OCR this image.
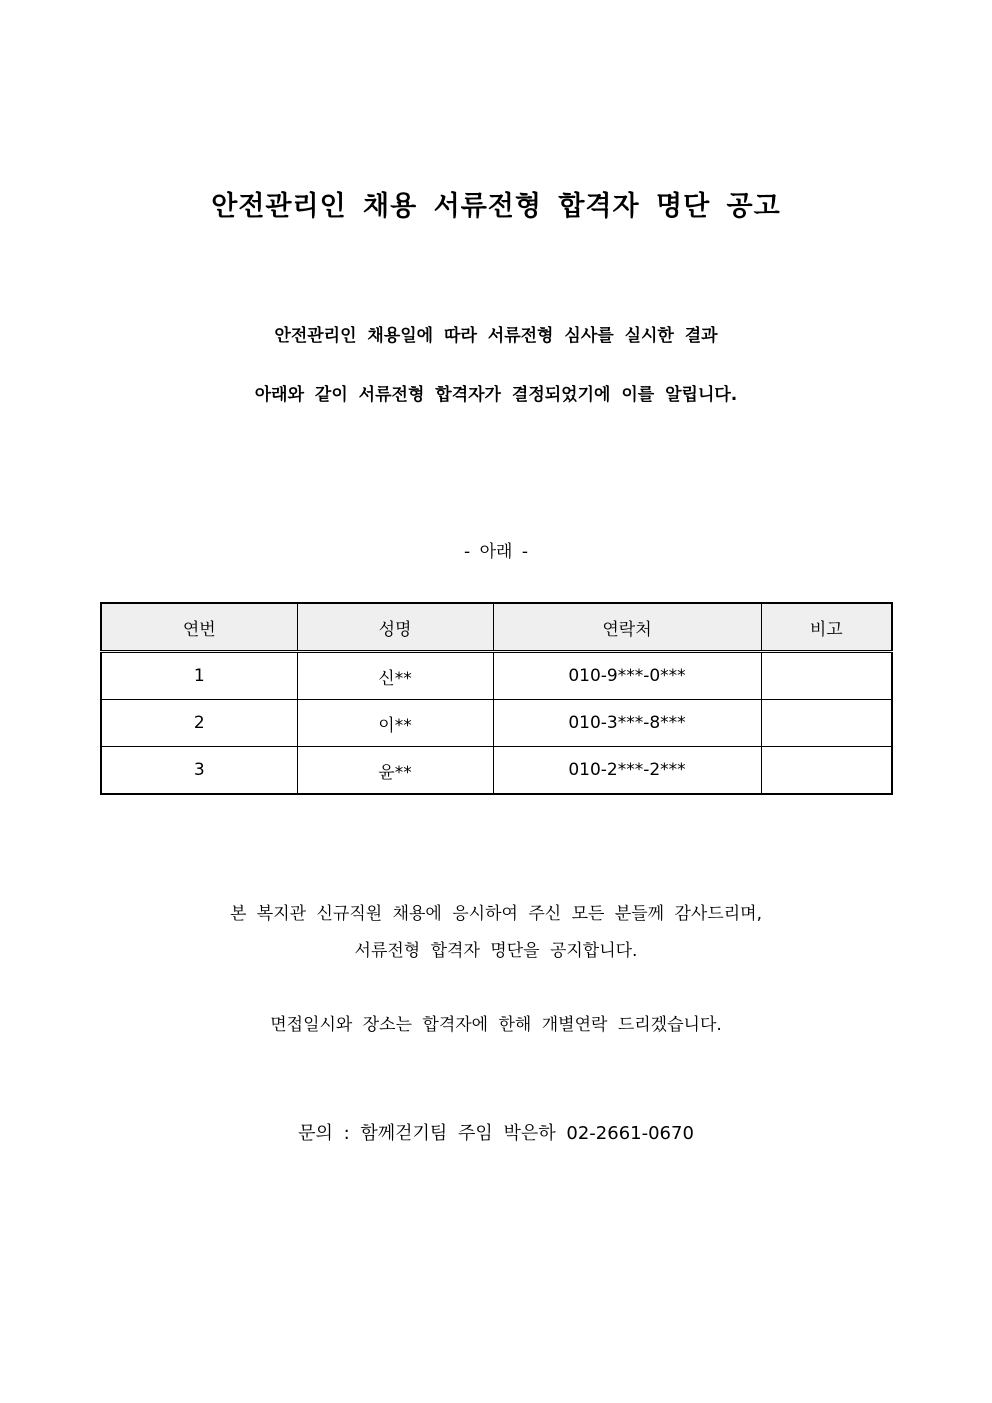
안전관리인 채용 서류전형 합격자 명단 공고
안전관리인 채용일에 따라 서류전형 심사를 실시한 결과
아래와 같이 서류전형 합격자가 결정되었기에 이를 알립니다.
- 아래 -
연번	성명	연락처	비고
1	신**	010-9***-0***	
2	이**	010-3***-8***	
3	윤**	010-2***-2***	
본 복지관 신규직원 채용에 응시하여 주신 모든 분들께 감사드리며,
서류전형 합격자 명단을 공지합니다.
면접일시와 장소는 합격자에 한해 개별연락 드리겠습니다.
문의 : 함께걷기팀 주임 박은하 02-2661-0670
